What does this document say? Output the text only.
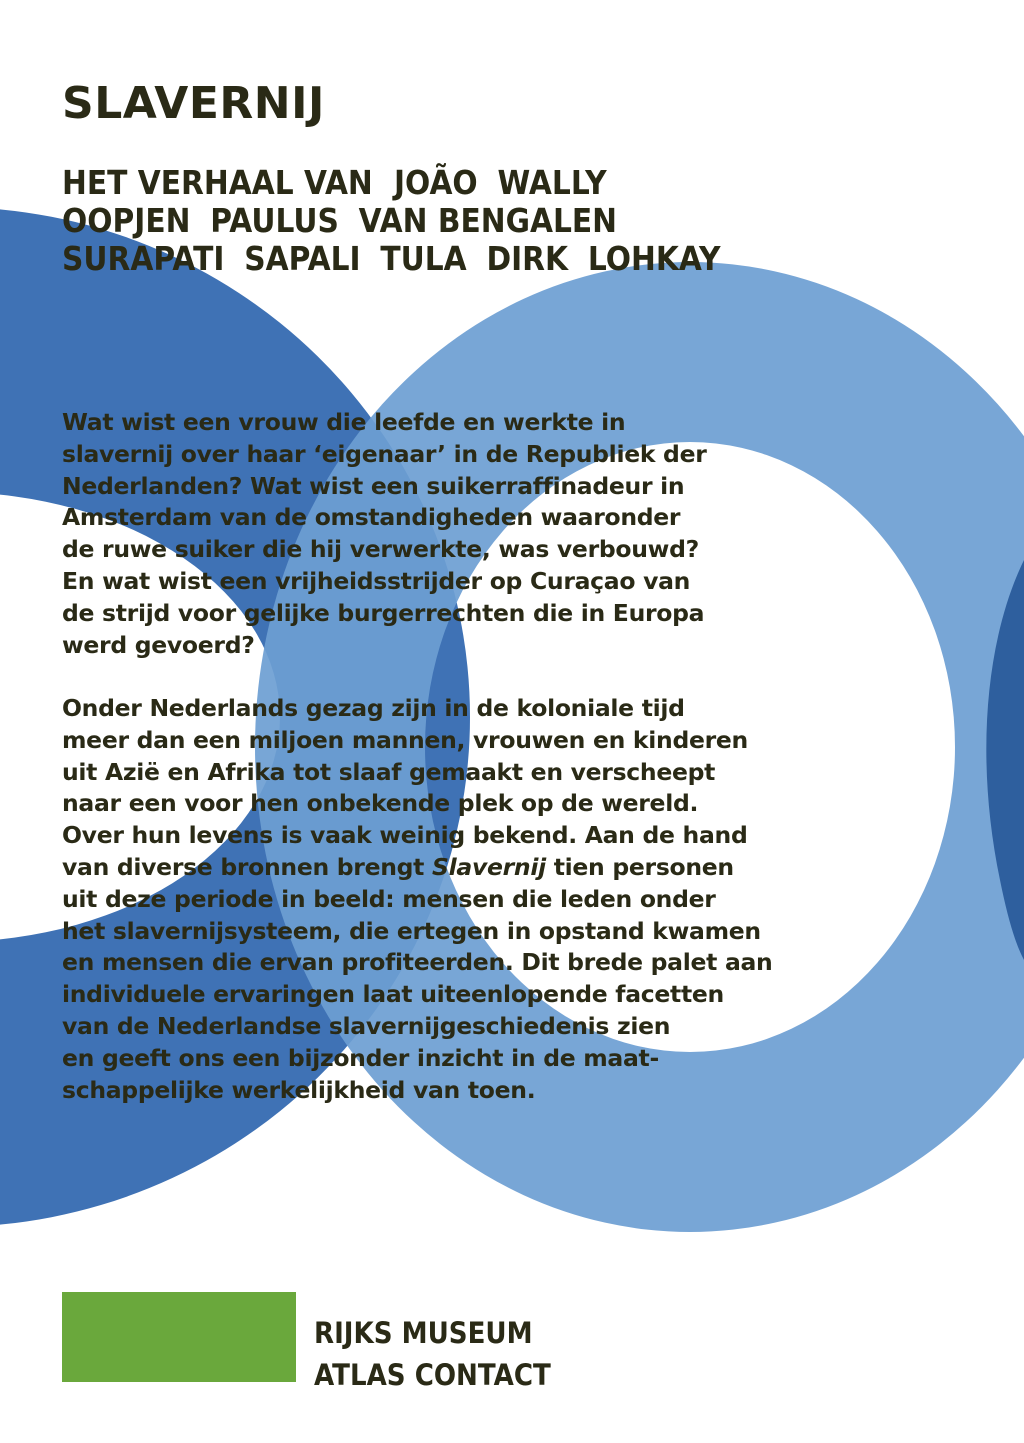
SLAVERNIJ
HET VERHAAL VAN JOÃO WALLY
OOPJEN PAULUS VAN BENGALEN
SURAPATI SAPALI TULA DIRK LOHKAY
Wat wist een vrouw die leefde en werkte in
slavernij over haar ‘eigenaar’ in de Republiek der
Nederlanden? Wat wist een suikerraffinadeur in
Amsterdam van de omstandigheden waaronder
de ruwe suiker die hij verwerkte, was verbouwd?
En wat wist een vrijheidsstrijder op Curaçao van
de strijd voor gelijke burgerrechten die in Europa
werd gevoerd?
Onder Nederlands gezag zijn in de koloniale tijd
meer dan een miljoen mannen, vrouwen en kinderen
uit Azië en Afrika tot slaaf gemaakt en verscheept
naar een voor hen onbekende plek op de wereld.
Over hun levens is vaak weinig bekend. Aan de hand
van diverse bronnen brengt Slavernij tien personen
uit deze periode in beeld: mensen die leden onder
het slavernijsysteem, die ertegen in opstand kwamen
en mensen die ervan profiteerden. Dit brede palet aan
individuele ervaringen laat uiteenlopende facetten
van de Nederlandse slavernijgeschiedenis zien
en geeft ons een bijzonder inzicht in de maat-
schappelijke werkelijkheid van toen.
RIJKS MUSEUM
ATLAS CONTACT
